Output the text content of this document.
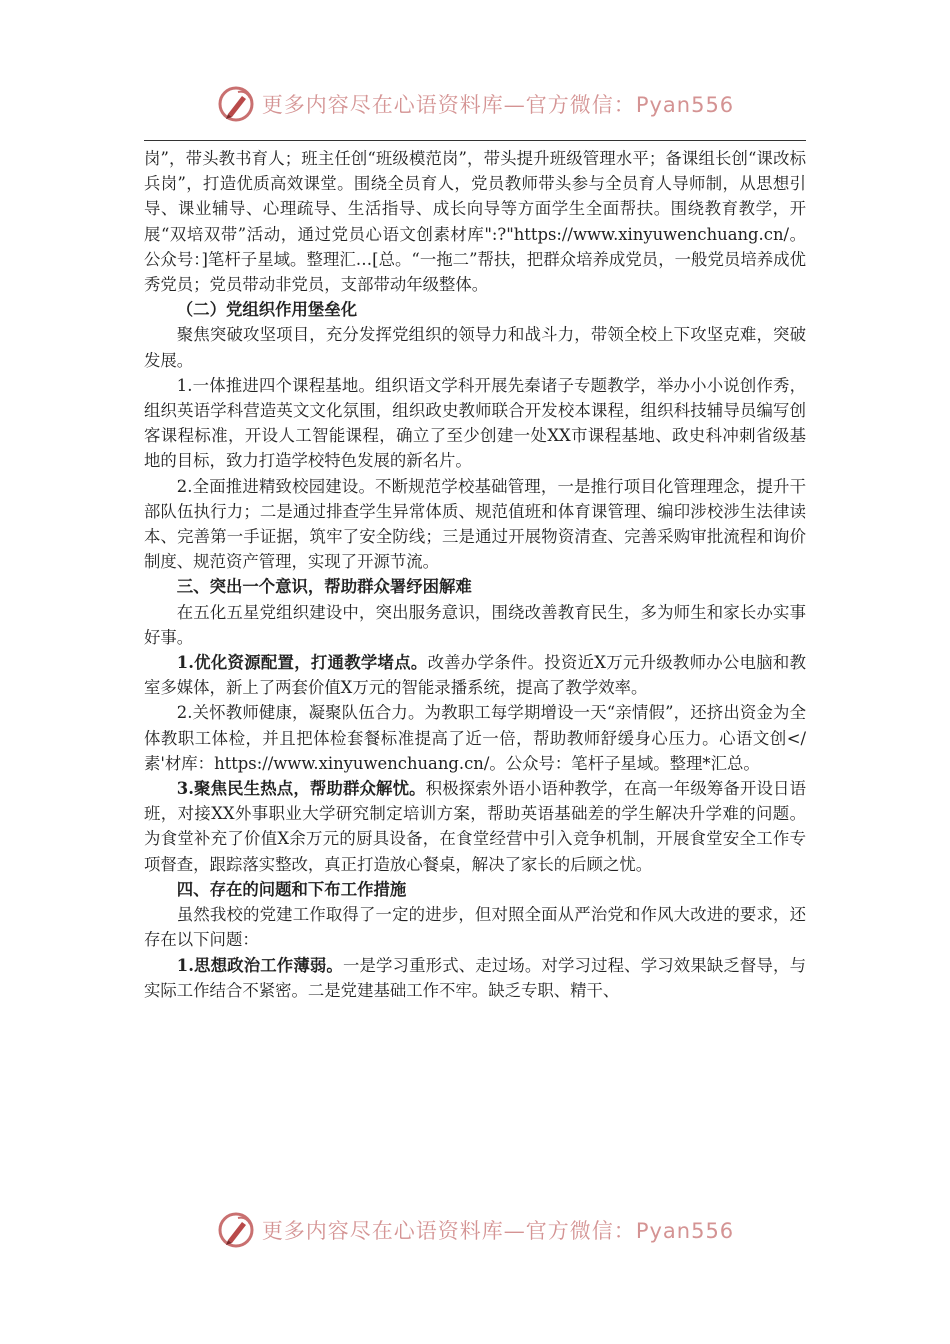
更多内容尽在心语资料库—官方微信：Pyan556

岗”，带头教书育人；班主任创“班级模范岗”，带头提升班级管理水平；备课组长创“课改标兵岗”，打造优质高效课堂。围绕全员育人，党员教师带头参与全员育人导师制，从思想引导、课业辅导、心理疏导、生活指导、成长向导等方面学生全面帮扶。围绕教育教学，开展“双培双带”活动，通过党员心语文创素材库":?"https://www.xinyuwenchuang.cn/。公众号：]笔杆子星域。整理汇…[总。“一拖二”帮扶，把群众培养成党员，一般党员培养成优秀党员；党员带动非党员，支部带动年级整体。

（二）党组织作用堡垒化

聚焦突破攻坚项目，充分发挥党组织的领导力和战斗力，带领全校上下攻坚克难，突破发展。

1.一体推进四个课程基地。组织语文学科开展先秦诸子专题教学，举办小小说创作秀，组织英语学科营造英文文化氛围，组织政史教师联合开发校本课程，组织科技辅导员编写创客课程标准，开设人工智能课程，确立了至少创建一处XX市课程基地、政史科冲刺省级基地的目标，致力打造学校特色发展的新名片。

2.全面推进精致校园建设。不断规范学校基础管理，一是推行项目化管理理念，提升干部队伍执行力；二是通过排查学生异常体质、规范值班和体育课管理、编印涉校涉生法律读本、完善第一手证据，筑牢了安全防线；三是通过开展物资清查、完善采购审批流程和询价制度、规范资产管理，实现了开源节流。

三、突出一个意识，帮助群众署纾困解难

在五化五星党组织建设中，突出服务意识，围绕改善教育民生，多为师生和家长办实事好事。

1.优化资源配置，打通教学堵点。改善办学条件。投资近X万元升级教师办公电脑和教室多媒体，新上了两套价值X万元的智能录播系统，提高了教学效率。

2.关怀教师健康，凝聚队伍合力。为教职工每学期增设一天“亲情假”，还挤出资金为全体教职工体检，并且把体检套餐标准提高了近一倍，帮助教师舒缓身心压力。心语文创</素'材库：https://www.xinyuwenchuang.cn/。公众号：笔杆子星域。整理*汇总。

3.聚焦民生热点，帮助群众解忧。积极探索外语小语种教学，在高一年级筹备开设日语班，对接XX外事职业大学研究制定培训方案，帮助英语基础差的学生解决升学难的问题。为食堂补充了价值X余万元的厨具设备，在食堂经营中引入竞争机制，开展食堂安全工作专项督查，跟踪落实整改，真正打造放心餐桌，解决了家长的后顾之忧。

四、存在的问题和下布工作措施

虽然我校的党建工作取得了一定的进步，但对照全面从严治党和作风大改进的要求，还存在以下问题：

1.思想政治工作薄弱。一是学习重形式、走过场。对学习过程、学习效果缺乏督导，与实际工作结合不紧密。二是党建基础工作不牢。缺乏专职、精干、

更多内容尽在心语资料库—官方微信：Pyan556
